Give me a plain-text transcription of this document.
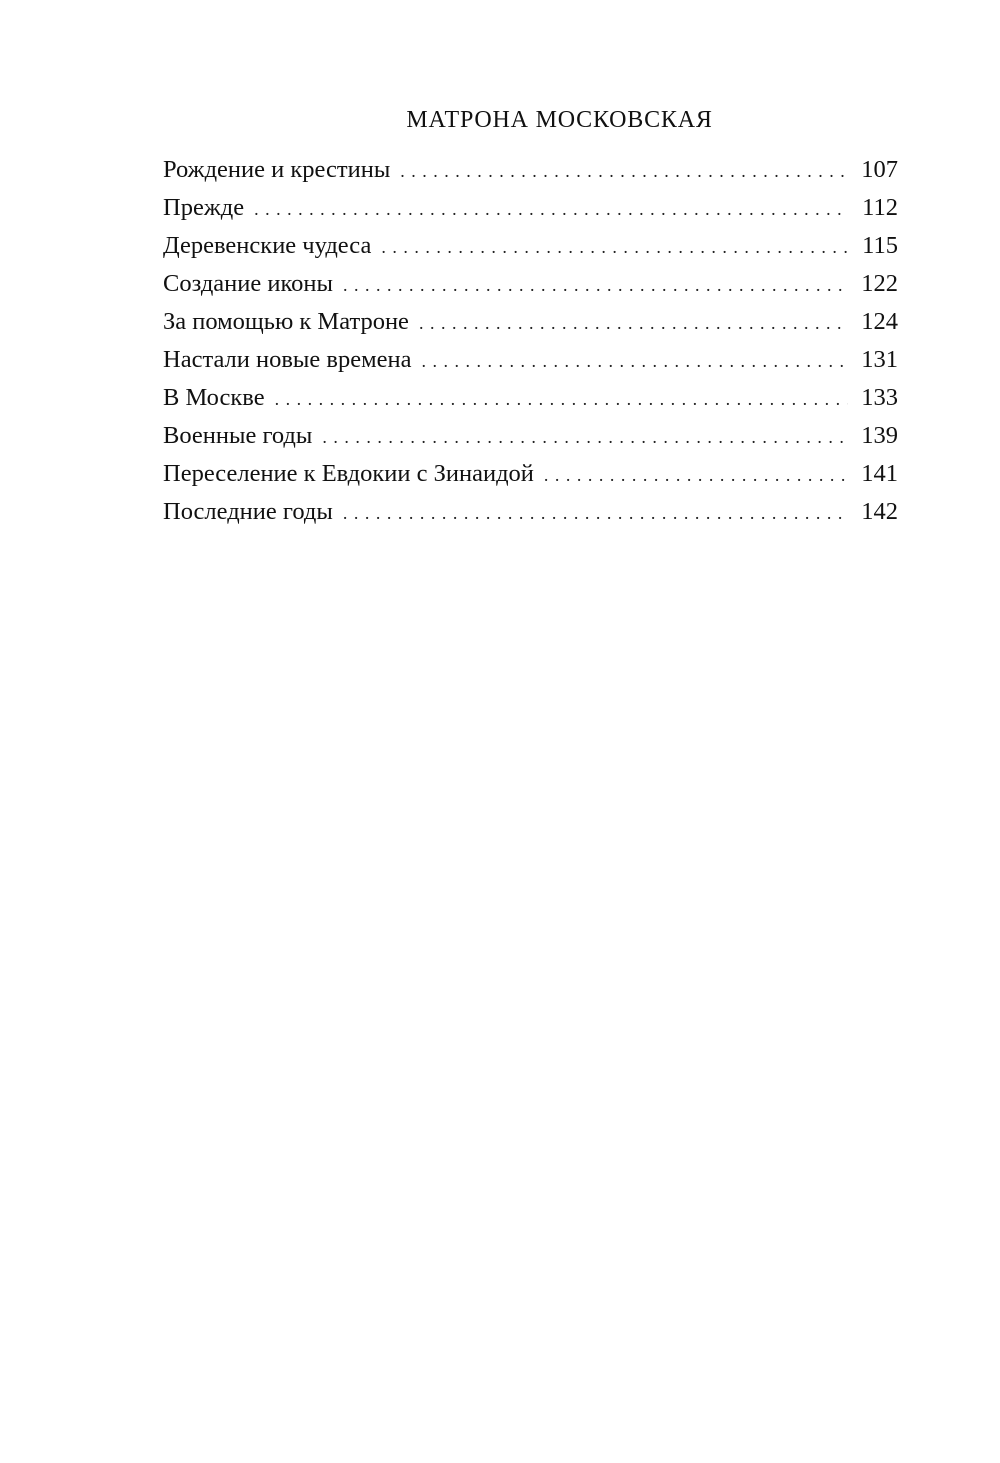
МАТРОНА МОСКОВСКАЯ
Рождение и крестины . . .	107
Прежде . . .	112
Деревенские чудеса . . .	115
Создание иконы . . .	122
За помощью к Матроне . . .	124
Настали новые времена . . .	131
В Москве . . .	133
Военные годы . . .	139
Переселение к Евдокии с Зинаидой . . .	141
Последние годы . . .	142
